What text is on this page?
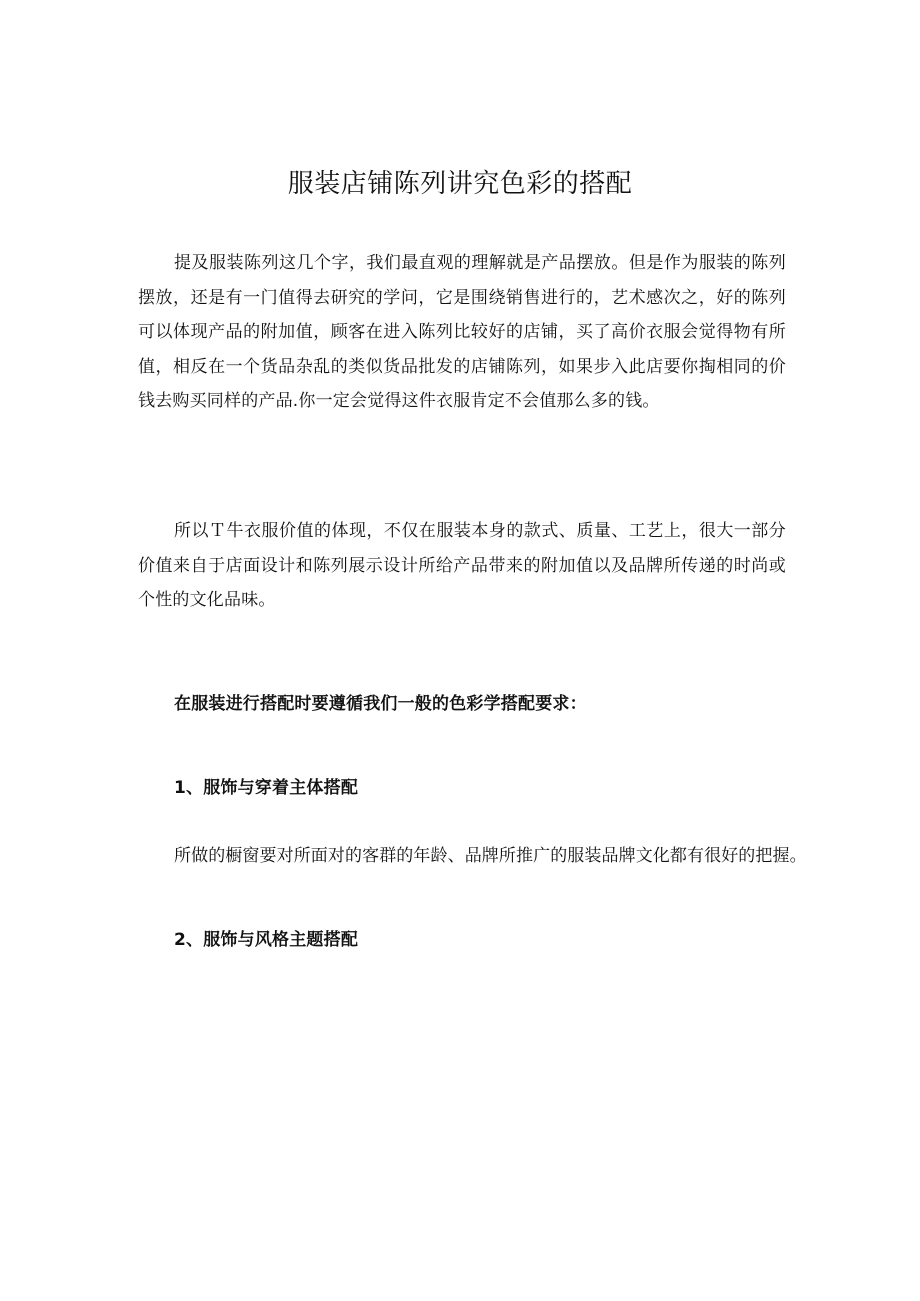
服装店铺陈列讲究色彩的搭配

提及服装陈列这几个字，我们最直观的理解就是产品摆放。但是作为服装的陈列摆放，还是有一门值得去研究的学问，它是围绕销售进行的，艺术感次之，好的陈列可以体现产品的附加值，顾客在进入陈列比较好的店铺，买了高价衣服会觉得物有所值，相反在一个货品杂乱的类似货品批发的店铺陈列，如果步入此店要你掏相同的价钱去购买同样的产品.你一定会觉得这件衣服肯定不会值那么多的钱。

所以Ｔ牛衣服价值的体现，不仅在服装本身的款式、质量、工艺上，很大一部分价值来自于店面设计和陈列展示设计所给产品带来的附加值以及品牌所传递的时尚或个性的文化品味。

在服装进行搭配时要遵循我们一般的色彩学搭配要求：

1、服饰与穿着主体搭配

所做的橱窗要对所面对的客群的年龄、品牌所推广的服装品牌文化都有很好的把握。

2、服饰与风格主题搭配
